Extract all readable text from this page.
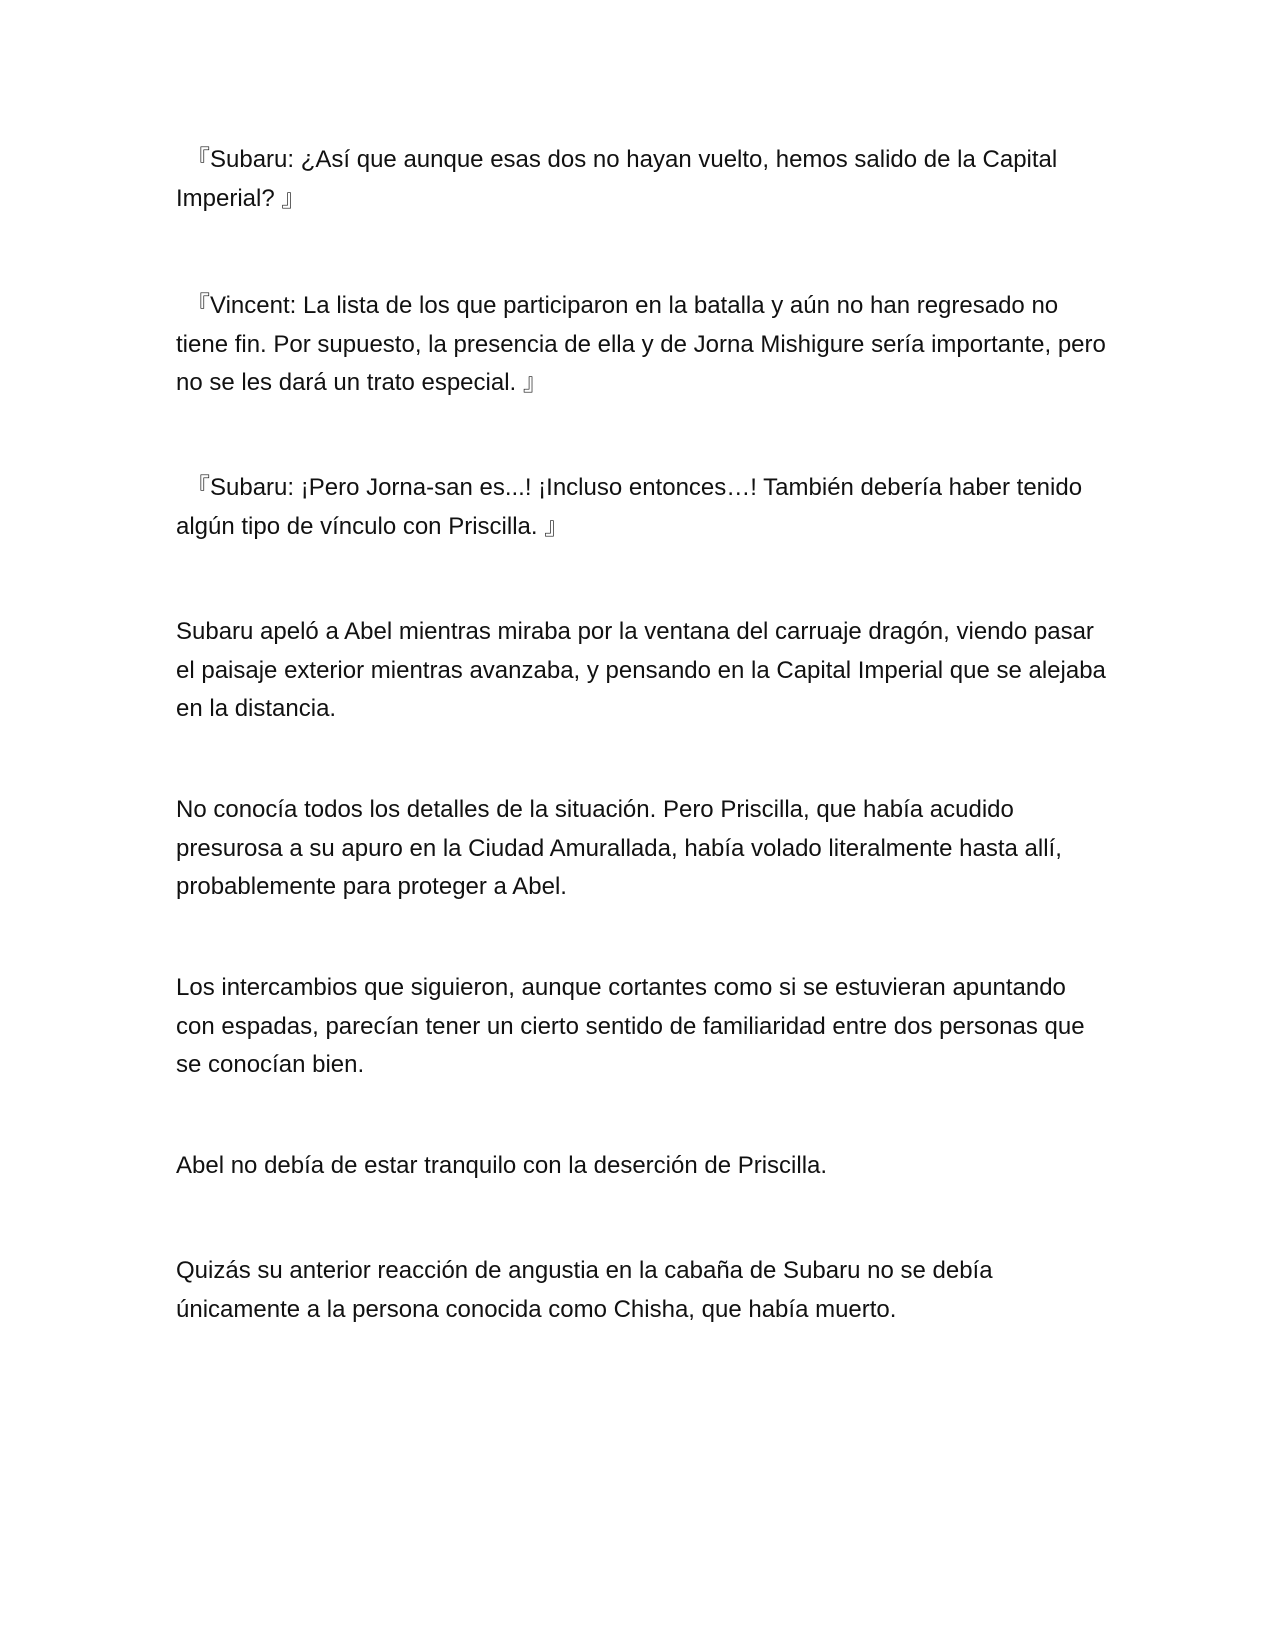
『Subaru: ¿Así que aunque esas dos no hayan vuelto, hemos salido de la Capital Imperial? 』

『Vincent: La lista de los que participaron en la batalla y aún no han regresado no tiene fin. Por supuesto, la presencia de ella y de Jorna Mishigure sería importante, pero no se les dará un trato especial. 』

『Subaru: ¡Pero Jorna-san es...! ¡Incluso entonces…! También debería haber tenido algún tipo de vínculo con Priscilla. 』

Subaru apeló a Abel mientras miraba por la ventana del carruaje dragón, viendo pasar el paisaje exterior mientras avanzaba, y pensando en la Capital Imperial que se alejaba en la distancia.

No conocía todos los detalles de la situación. Pero Priscilla, que había acudido presurosa a su apuro en la Ciudad Amurallada, había volado literalmente hasta allí, probablemente para proteger a Abel.

Los intercambios que siguieron, aunque cortantes como si se estuvieran apuntando con espadas, parecían tener un cierto sentido de familiaridad entre dos personas que se conocían bien.

Abel no debía de estar tranquilo con la deserción de Priscilla.

Quizás su anterior reacción de angustia en la cabaña de Subaru no se debía únicamente a la persona conocida como Chisha, que había muerto.
